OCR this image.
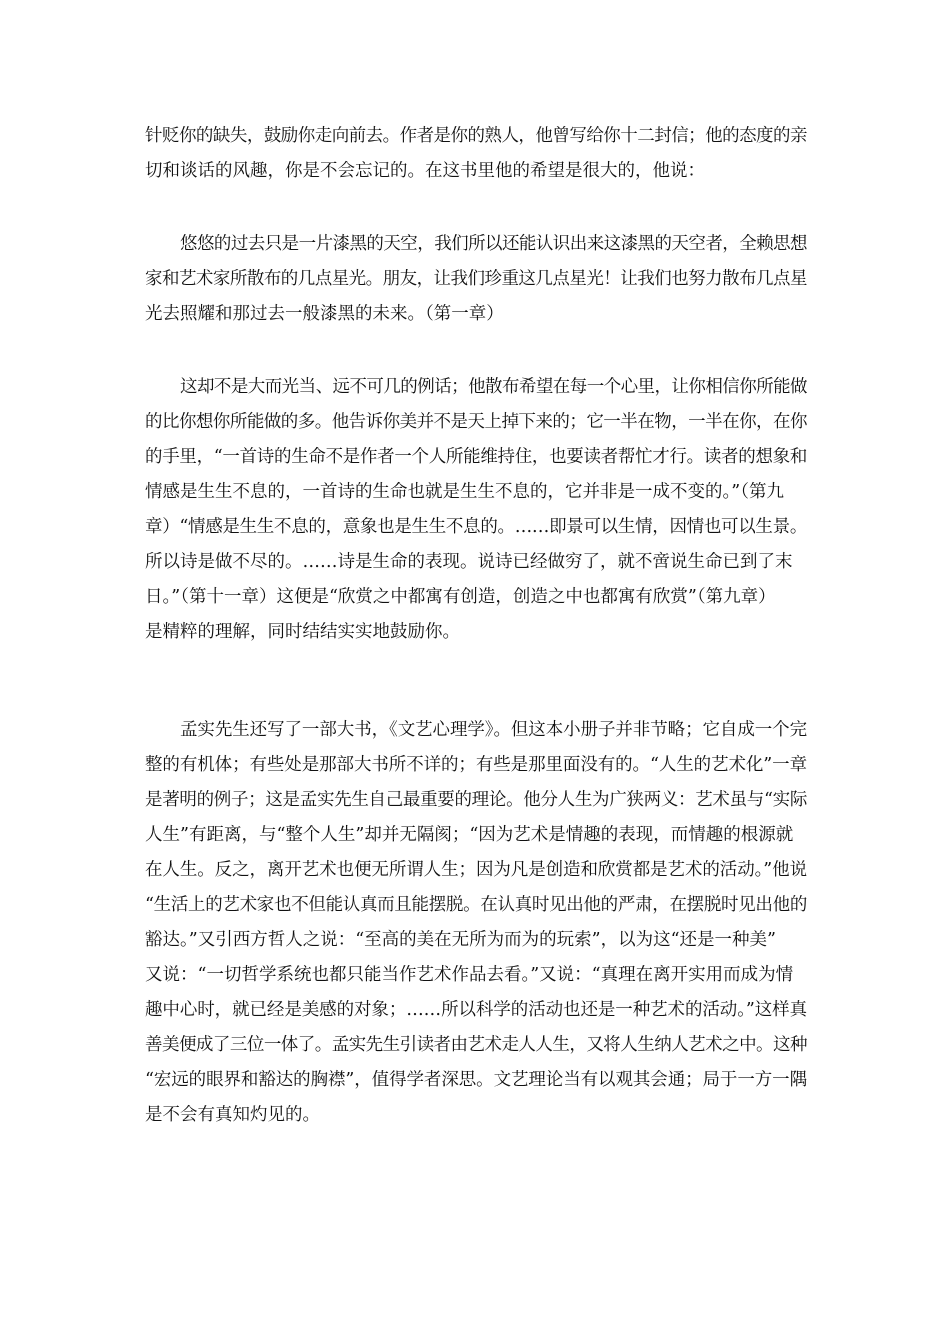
针贬你的缺失，鼓励你走向前去。作者是你的熟人，他曾写给你十二封信；他的态度的亲
切和谈话的风趣，你是不会忘记的。在这书里他的希望是很大的，他说：
悠悠的过去只是一片漆黑的天空，我们所以还能认识出来这漆黑的天空者，全赖思想
家和艺术家所散布的几点星光。朋友，让我们珍重这几点星光！让我们也努力散布几点星
光去照耀和那过去一般漆黑的未来。（第一章）
这却不是大而光当、远不可几的例话；他散布希望在每一个心里，让你相信你所能做
的比你想你所能做的多。他告诉你美并不是天上掉下来的；它一半在物，一半在你，在你
的手里，“一首诗的生命不是作者一个人所能维持住，也要读者帮忙才行。读者的想象和
情感是生生不息的，一首诗的生命也就是生生不息的，它并非是一成不变的。”（第九
章）“情感是生生不息的，意象也是生生不息的。……即景可以生情，因情也可以生景。
所以诗是做不尽的。……诗是生命的表现。说诗已经做穷了，就不啻说生命已到了末
日。”（第十一章）这便是“欣赏之中都寓有创造，创造之中也都寓有欣赏”（第九章）
是精粹的理解，同时结结实实地鼓励你。
孟实先生还写了一部大书，《文艺心理学》。但这本小册子并非节略；它自成一个完
整的有机体；有些处是那部大书所不详的；有些是那里面没有的。“人生的艺术化”一章
是著明的例子；这是孟实先生自己最重要的理论。他分人生为广狭两义：艺术虽与“实际
人生”有距离，与“整个人生”却并无隔阂；“因为艺术是情趣的表现，而情趣的根源就
在人生。反之，离开艺术也便无所谓人生；因为凡是创造和欣赏都是艺术的活动。”他说
“生活上的艺术家也不但能认真而且能摆脱。在认真时见出他的严肃，在摆脱时见出他的
豁达。”又引西方哲人之说：“至高的美在无所为而为的玩索”，以为这“还是一种美”
又说：“一切哲学系统也都只能当作艺术作品去看。”又说：“真理在离开实用而成为情
趣中心时，就已经是美感的对象；……所以科学的活动也还是一种艺术的活动。”这样真
善美便成了三位一体了。孟实先生引读者由艺术走人人生，又将人生纳人艺术之中。这种
“宏远的眼界和豁达的胸襟”，值得学者深思。文艺理论当有以观其会通；局于一方一隅
是不会有真知灼见的。
